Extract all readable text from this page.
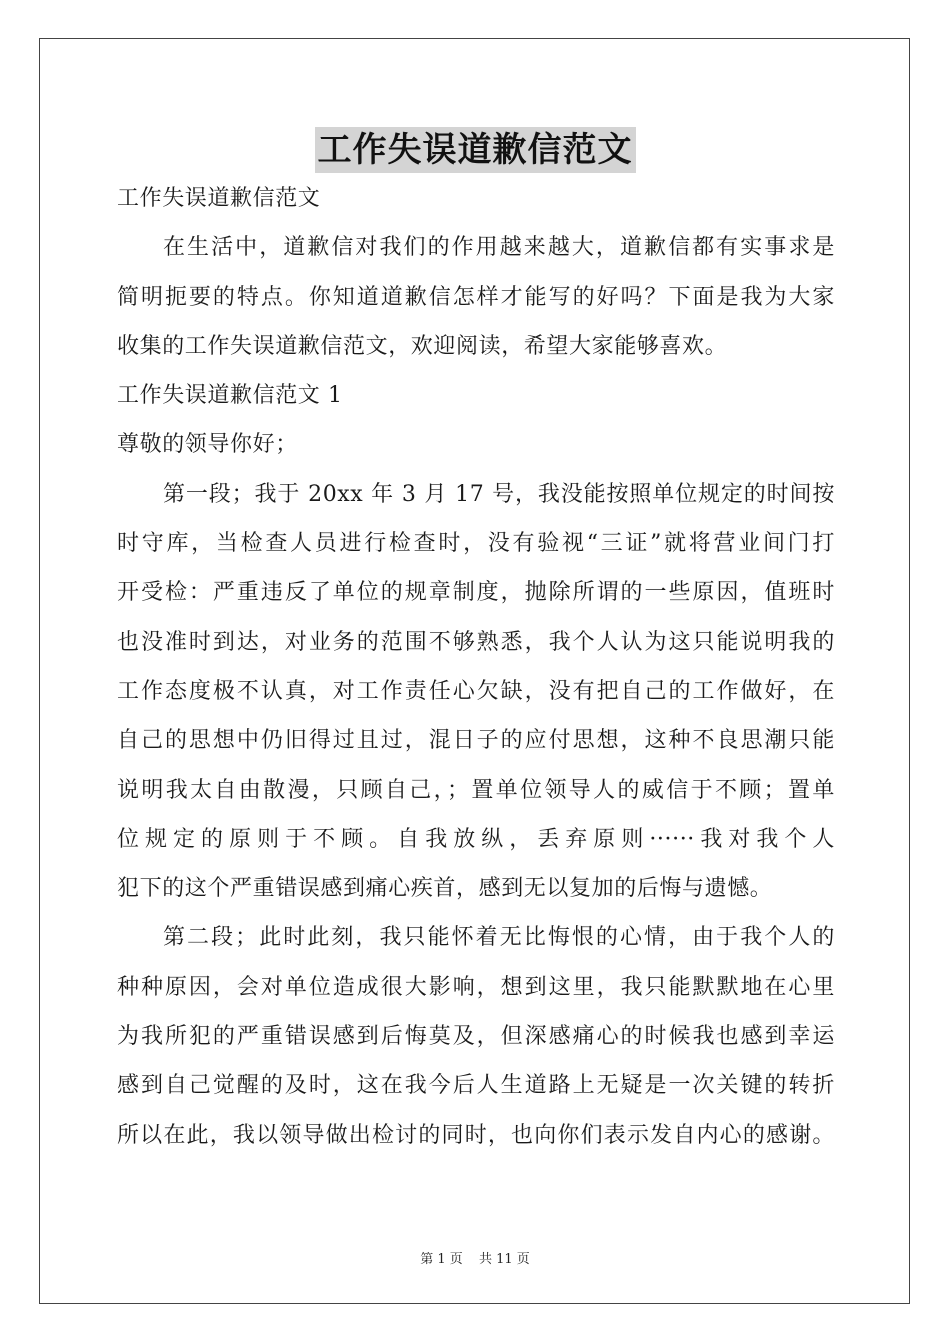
工作失误道歉信范文
工作失误道歉信范文
在生活中，道歉信对我们的作用越来越大，道歉信都有实事求是
简明扼要的特点。你知道道歉信怎样才能写的好吗？下面是我为大家
收集的工作失误道歉信范文，欢迎阅读，希望大家能够喜欢。
工作失误道歉信范文 1
尊敬的领导你好；
第一段；我于 20xx 年 3 月 17 号，我没能按照单位规定的时间按
时守库，当检查人员进行检查时，没有验视“三证”就将营业间门打
开受检：严重违反了单位的规章制度，抛除所谓的一些原因，值班时
也没准时到达，对业务的范围不够熟悉，我个人认为这只能说明我的
工作态度极不认真，对工作责任心欠缺，没有把自己的工作做好，在
自己的思想中仍旧得过且过，混日子的应付思想，这种不良思潮只能
说明我太自由散漫，只顾自己，；置单位领导人的威信于不顾；置单
位规定的原则于不顾。自我放纵，丢弃原则······我对我个人
犯下的这个严重错误感到痛心疾首，感到无以复加的后悔与遗憾。
第二段；此时此刻，我只能怀着无比悔恨的心情，由于我个人的
种种原因，会对单位造成很大影响，想到这里，我只能默默地在心里
为我所犯的严重错误感到后悔莫及，但深感痛心的时候我也感到幸运
感到自己觉醒的及时，这在我今后人生道路上无疑是一次关键的转折
所以在此，我以领导做出检讨的同时，也向你们表示发自内心的感谢。
第 1 页 共 11 页
